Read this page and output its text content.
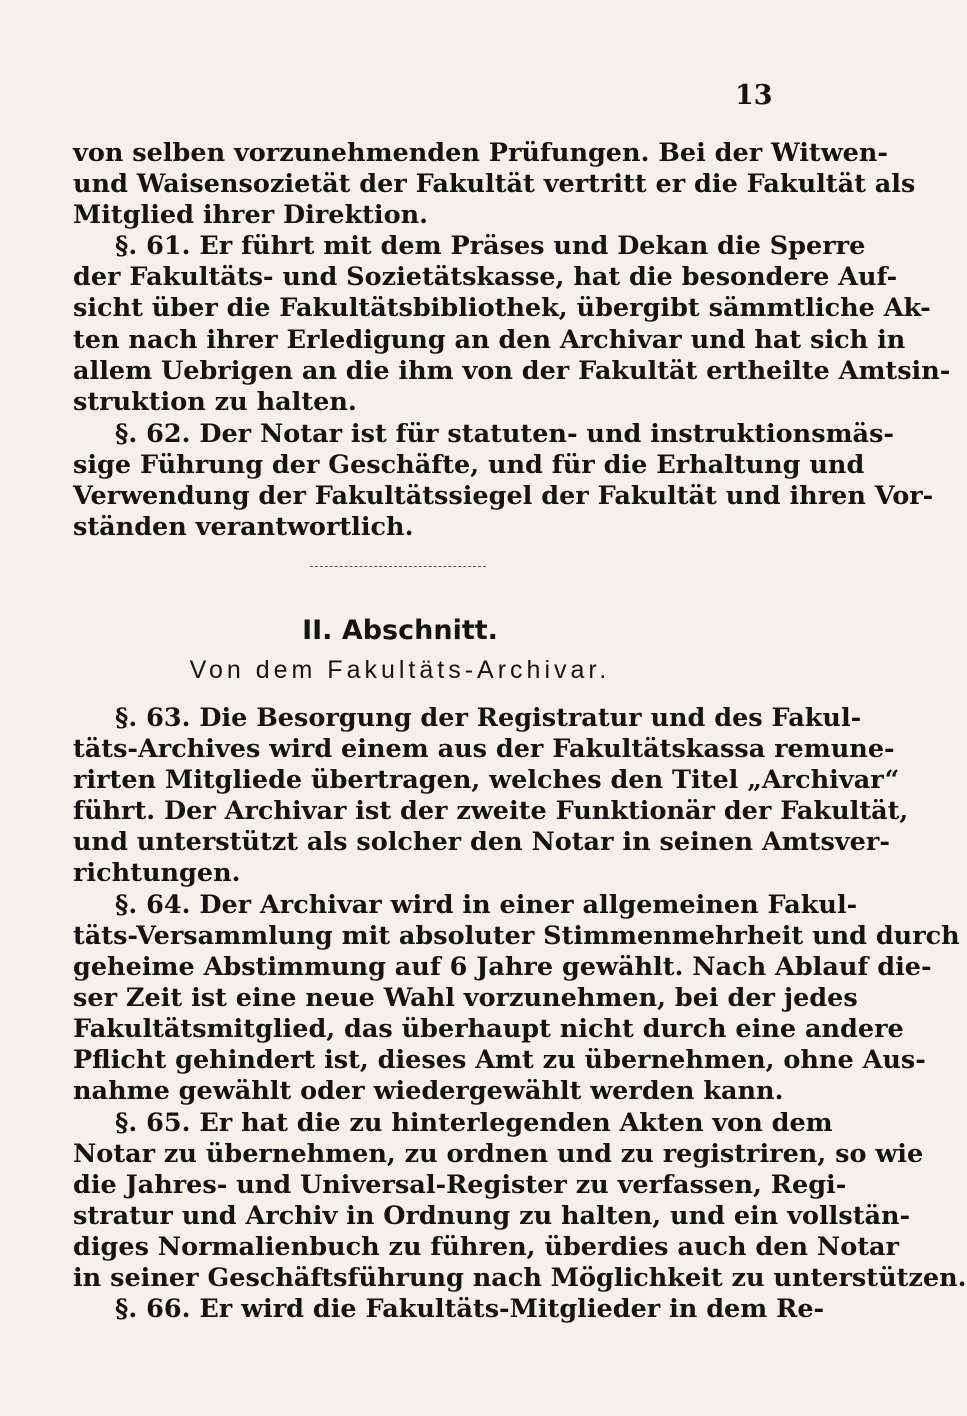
13
von selben vorzunehmenden Prüfungen. Bei der Witwen-
und Waisensozietät der Fakultät vertritt er die Fakultät als
Mitglied ihrer Direktion.
§. 61. Er führt mit dem Präses und Dekan die Sperre
der Fakultäts- und Sozietätskasse, hat die besondere Auf-
sicht über die Fakultätsbibliothek, übergibt sämmtliche Ak-
ten nach ihrer Erledigung an den Archivar und hat sich in
allem Uebrigen an die ihm von der Fakultät ertheilte Amtsin-
struktion zu halten.
§. 62. Der Notar ist für statuten- und instruktionsmäs-
sige Führung der Geschäfte, und für die Erhaltung und
Verwendung der Fakultätssiegel der Fakultät und ihren Vor-
ständen verantwortlich.
II. Abschnitt.
Von dem Fakultäts-Archivar.
§. 63. Die Besorgung der Registratur und des Fakul-
täts-Archives wird einem aus der Fakultätskassa remune-
rirten Mitgliede übertragen, welches den Titel „Archivar“
führt. Der Archivar ist der zweite Funktionär der Fakultät,
und unterstützt als solcher den Notar in seinen Amtsver-
richtungen.
§. 64. Der Archivar wird in einer allgemeinen Fakul-
täts-Versammlung mit absoluter Stimmenmehrheit und durch
geheime Abstimmung auf 6 Jahre gewählt. Nach Ablauf die-
ser Zeit ist eine neue Wahl vorzunehmen, bei der jedes
Fakultätsmitglied, das überhaupt nicht durch eine andere
Pflicht gehindert ist, dieses Amt zu übernehmen, ohne Aus-
nahme gewählt oder wiedergewählt werden kann.
§. 65. Er hat die zu hinterlegenden Akten von dem
Notar zu übernehmen, zu ordnen und zu registriren, so wie
die Jahres- und Universal-Register zu verfassen, Regi-
stratur und Archiv in Ordnung zu halten, und ein vollstän-
diges Normalienbuch zu führen, überdies auch den Notar
in seiner Geschäftsführung nach Möglichkeit zu unterstützen.
§. 66. Er wird die Fakultäts-Mitglieder in dem Re-
